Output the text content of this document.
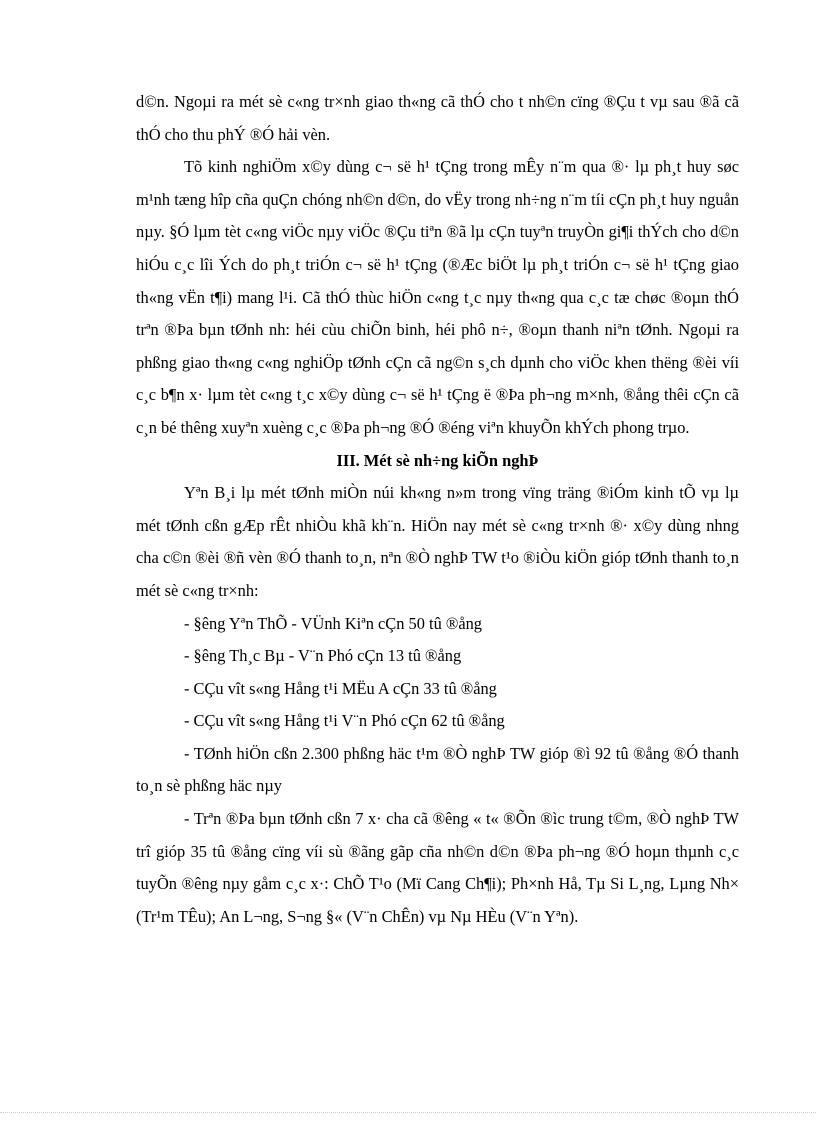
d©n. Ngoµi ra mét sè c«ng tr×nh giao th«ng cã thÓ cho t nh©n cïng ®Çu t vµ sau ®ã cã thÓ cho thu phÝ ®Ó hải vèn.

Tõ kinh nghiÖm x©y dùng c¬ së h¹ tÇng trong mÊy n¨m qua ®· lµ ph¸t huy søc m¹nh tæng hîp cña quÇn chóng nh©n d©n, do vËy trong nh÷ng n¨m tíi cÇn ph¸t huy nguån nµy. §Ó lµm tèt c«ng viÖc nµy viÖc ®Çu tiªn ®ã lµ cÇn tuyªn truyÒn gi¶i thÝch cho d©n hiÓu c¸c lîi Ých do ph¸t triÓn c¬ së h¹ tÇng (®Æc biÖt lµ ph¸t triÓn c¬ së h¹ tÇng giao th«ng vËn t¶i) mang l¹i. Cã thÓ thùc hiÖn c«ng t¸c nµy th«ng qua c¸c tæ chøc ®oµn thÓ trªn ®Þa bµn tØnh nh: héi cùu chiÕn binh, héi phô n÷, ®oµn thanh niªn tØnh. Ngoµi ra phßng giao th«ng c«ng nghiÖp tØnh cÇn cã ng©n s¸ch dµnh cho viÖc khen thëng ®èi víi c¸c b¶n x· lµm tèt c«ng t¸c x©y dùng c¬ së h¹ tÇng ë ®Þa ph¬ng m×nh, ®ång thêi cÇn cã c¸n bé thêng xuyªn xuèng c¸c ®Þa ph¬ng ®Ó ®éng viªn khuyÕn khÝch phong trµo.

III. Mét sè nh÷ng kiÕn nghÞ

Yªn B¸i lµ mét tØnh miÒn núi kh«ng n»m trong vïng träng ®iÓm kinh tÕ vµ lµ mét tØnh cßn gÆp rÊt nhiÒu khã kh¨n. HiÖn nay mét sè c«ng tr×nh ®· x©y dùng nhng cha c©n ®èi ®ñ vèn ®Ó thanh to¸n, nªn ®Ò nghÞ TW t¹o ®iÒu kiÖn gióp tØnh thanh to¸n mét sè c«ng tr×nh:

- §êng Yªn ThÕ - VÜnh Kiªn cÇn 50 tû ®ång

- §êng Th¸c Bµ - V¨n Phó cÇn 13 tû ®ång

- CÇu vît s«ng Hång t¹i MËu A cÇn 33 tû ®ång

- CÇu vît s«ng Hång t¹i V¨n Phó cÇn 62 tû ®ång

- TØnh hiÖn cßn 2.300 phßng häc t¹m ®Ò nghÞ TW gióp ®ì 92 tû ®ång ®Ó thanh to¸n sè phßng häc nµy

- Trªn ®Þa bµn tØnh cßn 7 x· cha cã ®êng « t« ®Õn ®ìc trung t©m, ®Ò nghÞ TW trî gióp 35 tû ®ång cïng víi sù ®ãng gãp cña nh©n d©n ®Þa ph¬ng ®Ó hoµn thµnh c¸c tuyÕn ®êng nµy gåm c¸c x·: ChÕ T¹o (Mï Cang Ch¶i); Ph×nh Hå, Tµ Si L¸ng, Lµng Nh× (Tr¹m TÊu); An L¬ng, S¬ng §« (V¨n ChÊn) vµ Nµ HÈu (V¨n Yªn).
